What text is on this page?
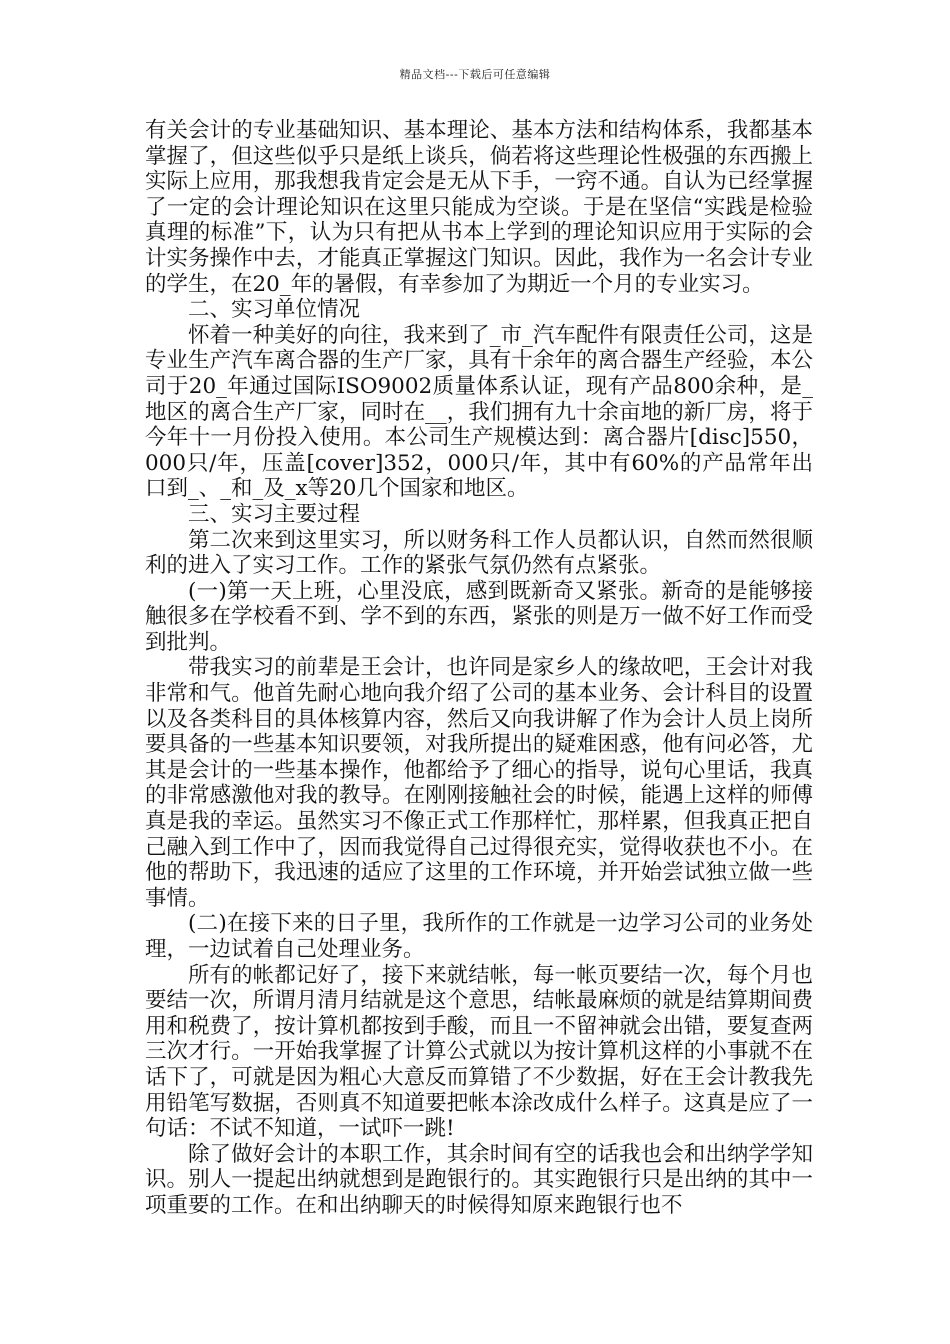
精品文档---下载后可任意编辑

有关会计的专业基础知识、基本理论、基本方法和结构体系，我都基本掌握了，但这些似乎只是纸上谈兵，倘若将这些理论性极强的东西搬上实际上应用，那我想我肯定会是无从下手，一窍不通。自认为已经掌握了一定的会计理论知识在这里只能成为空谈。于是在坚信“实践是检验真理的标准”下，认为只有把从书本上学到的理论知识应用于实际的会计实务操作中去，才能真正掌握这门知识。因此，我作为一名会计专业的学生，在20_年的暑假，有幸参加了为期近一个月的专业实习。

二、实习单位情况

怀着一种美好的向往，我来到了_市_汽车配件有限责任公司，这是专业生产汽车离合器的生产厂家，具有十余年的离合器生产经验，本公司于20_年通过国际ISO9002质量体系认证，现有产品800余种，是_地区的离合生产厂家，同时在__，我们拥有九十余亩地的新厂房，将于今年十一月份投入使用。本公司生产规模达到：离合器片[disc]550，000只/年，压盖[cover]352，000只/年，其中有60%的产品常年出口到_、_和_及_x等20几个国家和地区。

三、实习主要过程

第二次来到这里实习，所以财务科工作人员都认识，自然而然很顺利的进入了实习工作。工作的紧张气氛仍然有点紧张。

(一)第一天上班，心里没底，感到既新奇又紧张。新奇的是能够接触很多在学校看不到、学不到的东西，紧张的则是万一做不好工作而受到批判。

带我实习的前辈是王会计，也许同是家乡人的缘故吧，王会计对我非常和气。他首先耐心地向我介绍了公司的基本业务、会计科目的设置以及各类科目的具体核算内容，然后又向我讲解了作为会计人员上岗所要具备的一些基本知识要领，对我所提出的疑难困惑，他有问必答，尤其是会计的一些基本操作，他都给予了细心的指导，说句心里话，我真的非常感激他对我的教导。在刚刚接触社会的时候，能遇上这样的师傅真是我的幸运。虽然实习不像正式工作那样忙，那样累，但我真正把自己融入到工作中了，因而我觉得自己过得很充实，觉得收获也不小。在他的帮助下，我迅速的适应了这里的工作环境，并开始尝试独立做一些事情。

(二)在接下来的日子里，我所作的工作就是一边学习公司的业务处理，一边试着自己处理业务。

所有的帐都记好了，接下来就结帐，每一帐页要结一次，每个月也要结一次，所谓月清月结就是这个意思，结帐最麻烦的就是结算期间费用和税费了，按计算机都按到手酸，而且一不留神就会出错，要复查两三次才行。一开始我掌握了计算公式就以为按计算机这样的小事就不在话下了，可就是因为粗心大意反而算错了不少数据，好在王会计教我先用铅笔写数据，否则真不知道要把帐本涂改成什么样子。这真是应了一句话：不试不知道，一试吓一跳!

除了做好会计的本职工作，其余时间有空的话我也会和出纳学学知识。别人一提起出纳就想到是跑银行的。其实跑银行只是出纳的其中一项重要的工作。在和出纳聊天的时候得知原来跑银行也不
